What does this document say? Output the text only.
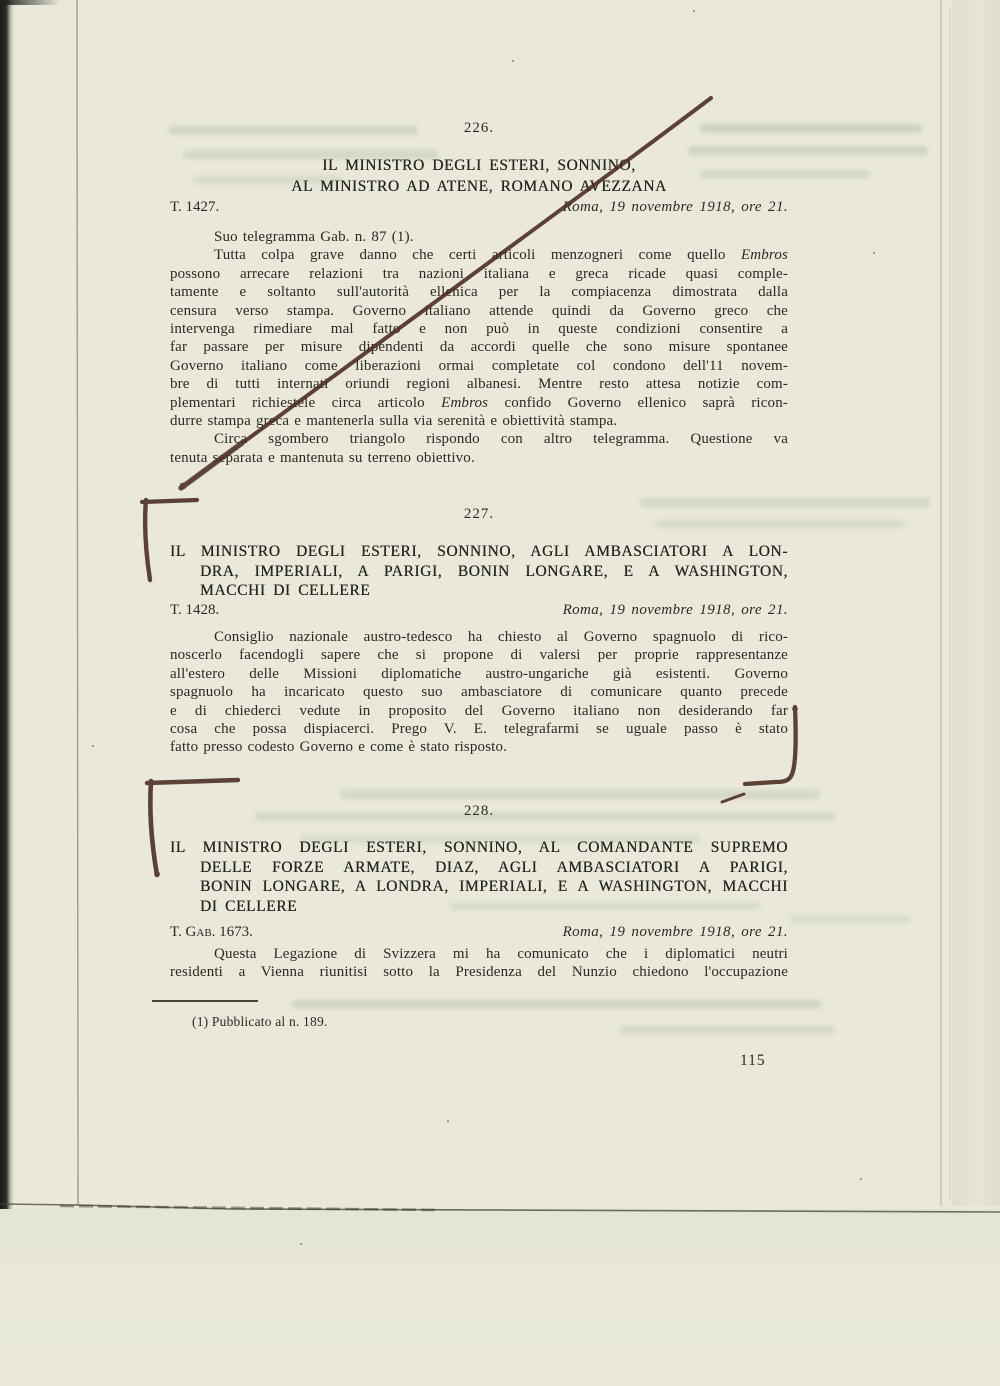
226.
IL MINISTRO DEGLI ESTERI, SONNINO,
AL MINISTRO AD ATENE, ROMANO AVEZZANA
T. 1427.	Roma, 19 novembre 1918, ore 21.
Suo telegramma Gab. n. 87 (1).
Tutta colpa grave danno che certi articoli menzogneri come quello Embros
possono arrecare relazioni tra nazioni italiana e greca ricade quasi comple-
tamente e soltanto sull'autorità ellenica per la compiacenza dimostrata dalla
censura verso stampa. Governo italiano attende quindi da Governo greco che
intervenga rimediare mal fatto e non può in queste condizioni consentire a
far passare per misure dipendenti da accordi quelle che sono misure spontanee
Governo italiano come liberazioni ormai completate col condono dell'11 novem-
bre di tutti internati oriundi regioni albanesi. Mentre resto attesa notizie com-
plementari richiestele circa articolo Embros confido Governo ellenico saprà ricon-
durre stampa greca e mantenerla sulla via serenità e obiettività stampa.
Circa sgombero triangolo rispondo con altro telegramma. Questione va
tenuta separata e mantenuta su terreno obiettivo.
227.
IL MINISTRO DEGLI ESTERI, SONNINO, AGLI AMBASCIATORI A LON-
DRA, IMPERIALI, A PARIGI, BONIN LONGARE, E A WASHINGTON,
MACCHI DI CELLERE
T. 1428.	Roma, 19 novembre 1918, ore 21.
Consiglio nazionale austro-tedesco ha chiesto al Governo spagnuolo di rico-
noscerlo facendogli sapere che si propone di valersi per proprie rappresentanze
all'estero delle Missioni diplomatiche austro-ungariche già esistenti. Governo
spagnuolo ha incaricato questo suo ambasciatore di comunicare quanto precede
e di chiederci vedute in proposito del Governo italiano non desiderando far
cosa che possa dispiacerci. Prego V. E. telegrafarmi se uguale passo è stato
fatto presso codesto Governo e come è stato risposto.
228.
IL MINISTRO DEGLI ESTERI, SONNINO, AL COMANDANTE SUPREMO
DELLE FORZE ARMATE, DIAZ, AGLI AMBASCIATORI A PARIGI,
BONIN LONGARE, A LONDRA, IMPERIALI, E A WASHINGTON, MACCHI
DI CELLERE
T. Gab. 1673.	Roma, 19 novembre 1918, ore 21.
Questa Legazione di Svizzera mi ha comunicato che i diplomatici neutri
residenti a Vienna riunitisi sotto la Presidenza del Nunzio chiedono l'occupazione
(1) Pubblicato al n. 189.
115
